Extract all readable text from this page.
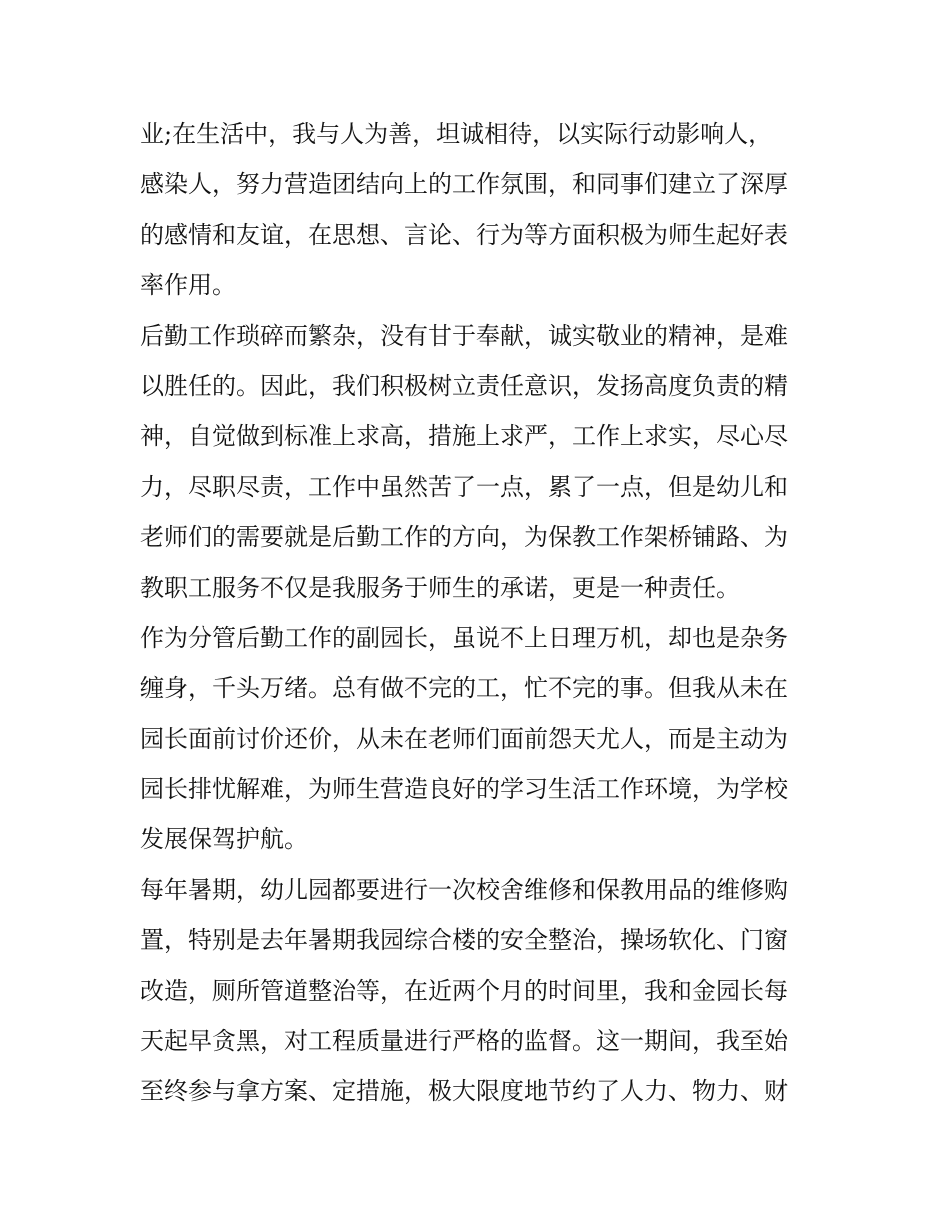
业;在生活中，我与人为善，坦诚相待，以实际行动影响人，
感染人，努力营造团结向上的工作氛围，和同事们建立了深厚
的感情和友谊，在思想、言论、行为等方面积极为师生起好表
率作用。
后勤工作琐碎而繁杂，没有甘于奉献，诚实敬业的精神，是难
以胜任的。因此，我们积极树立责任意识，发扬高度负责的精
神，自觉做到标准上求高，措施上求严，工作上求实，尽心尽
力，尽职尽责，工作中虽然苦了一点，累了一点，但是幼儿和
老师们的需要就是后勤工作的方向，为保教工作架桥铺路、为
教职工服务不仅是我服务于师生的承诺，更是一种责任。
作为分管后勤工作的副园长，虽说不上日理万机，却也是杂务
缠身，千头万绪。总有做不完的工，忙不完的事。但我从未在
园长面前讨价还价，从未在老师们面前怨天尤人，而是主动为
园长排忧解难，为师生营造良好的学习生活工作环境，为学校
发展保驾护航。
每年暑期，幼儿园都要进行一次校舍维修和保教用品的维修购
置，特别是去年暑期我园综合楼的安全整治，操场软化、门窗
改造，厕所管道整治等，在近两个月的时间里，我和金园长每
天起早贪黑，对工程质量进行严格的监督。这一期间，我至始
至终参与拿方案、定措施，极大限度地节约了人力、物力、财
